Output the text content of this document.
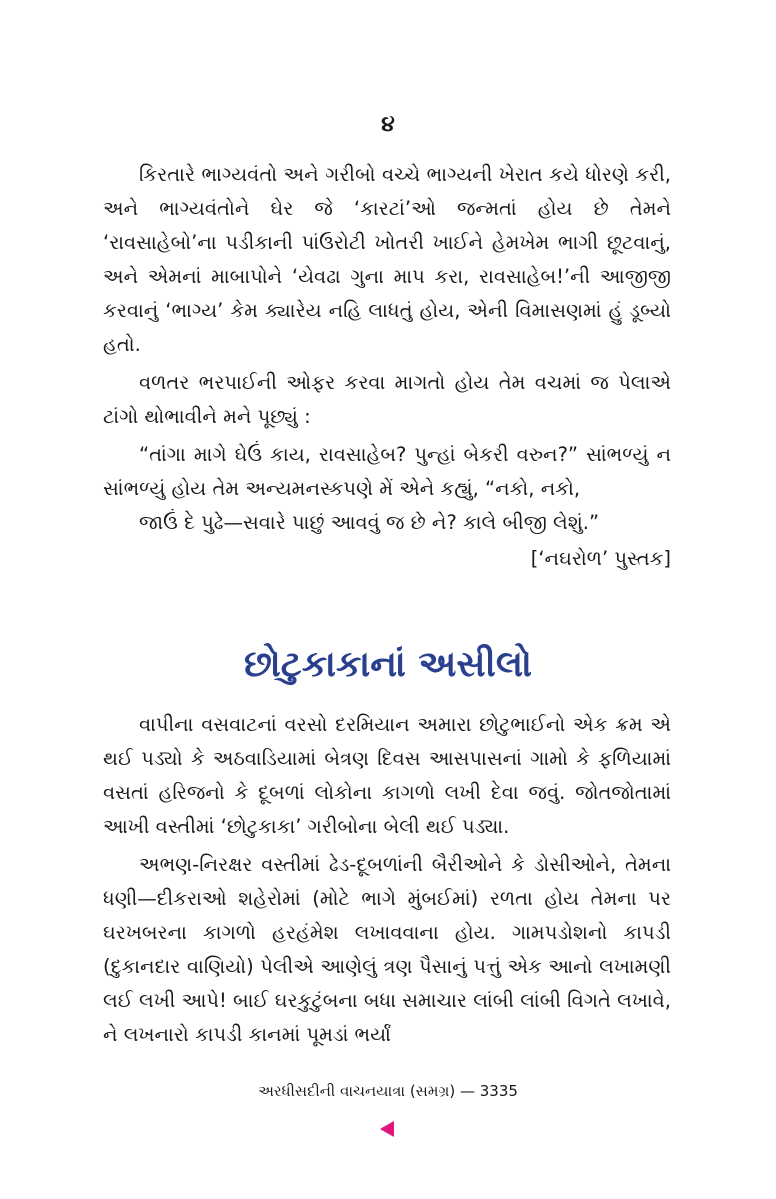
૪

કિરતારે ભાગ્યવંતો અને ગરીબો વચ્ચે ભાગ્યની ખેરાત કયે ધોરણે કરી, અને ભાગ્યવંતોને ઘેર જે ‘કારટાં’ઓ જન્મતાં હોય છે તેમને ‘રાવસાહેબો’ના પડીકાની પાંઉરોટી ખોતરી ખાઈને હેમખેમ ભાગી છૂટવાનું, અને એમનાં માબાપોને ‘યેવઢા ગુના માપ કરા, રાવસાહેબ!’ની આજીજી કરવાનું ‘ભાગ્ય’ કેમ ક્યારેય નહિ લાધતું હોય, એની વિમાસણમાં હું ડૂબ્યો હતો.

વળતર ભરપાઈની ઓફર કરવા માગતો હોય તેમ વચમાં જ પેલાએ ટાંગો થોભાવીને મને પૂછ્યું :

“તાંગા માગે ઘેઉં કાય, રાવસાહેબ? પુન્હાં બેકરી વરુન?” સાંભળ્યું ન સાંભળ્યું હોય તેમ અન્યમનસ્કપણે મેં એને કહ્યું, “નકો, નકો,

જાઉં દે પુઢે—સવારે પાછું આવવું જ છે ને? કાલે બીજી લેશું.”

[‘નઘરોળ’ પુસ્તક]

છોટુકાકાનાં અસીલો

વાપીના વસવાટનાં વરસો દરમિયાન અમારા છોટુભાઈનો એક ક્રમ એ થઈ પડ્યો કે અઠવાડિયામાં બેત્રણ દિવસ આસપાસનાં ગામો કે ફળિયામાં વસતાં હરિજનો કે દૂબળાં લોકોના કાગળો લખી દેવા જવું. જોતજોતામાં આખી વસ્તીમાં ‘છોટુકાકા’ ગરીબોના બેલી થઈ પડ્યા.

અભણ-નિરક્ષર વસ્તીમાં ઢેડ-દૂબળાંની બૈરીઓને કે ડોસીઓને, તેમના ધણી—દીકરાઓ શહેરોમાં (મોટે ભાગે મુંબઈમાં) રળતા હોય તેમના પર ઘરખબરના કાગળો હરહંમેશ લખાવવાના હોય. ગામપડોશનો કાપડી (દુકાનદાર વાણિયો) પેલીએ આણેલું ત્રણ પૈસાનું પત્તું એક આનો લખામણી લઈ લખી આપે! બાઈ ઘરકુટુંબના બધા સમાચાર લાંબી લાંબી વિગતે લખાવે, ને લખનારો કાપડી કાનમાં પૂમડાં ભર્યાં

અરધીસદીની વાચનયાત્રા (સમગ્ર) — 3335
